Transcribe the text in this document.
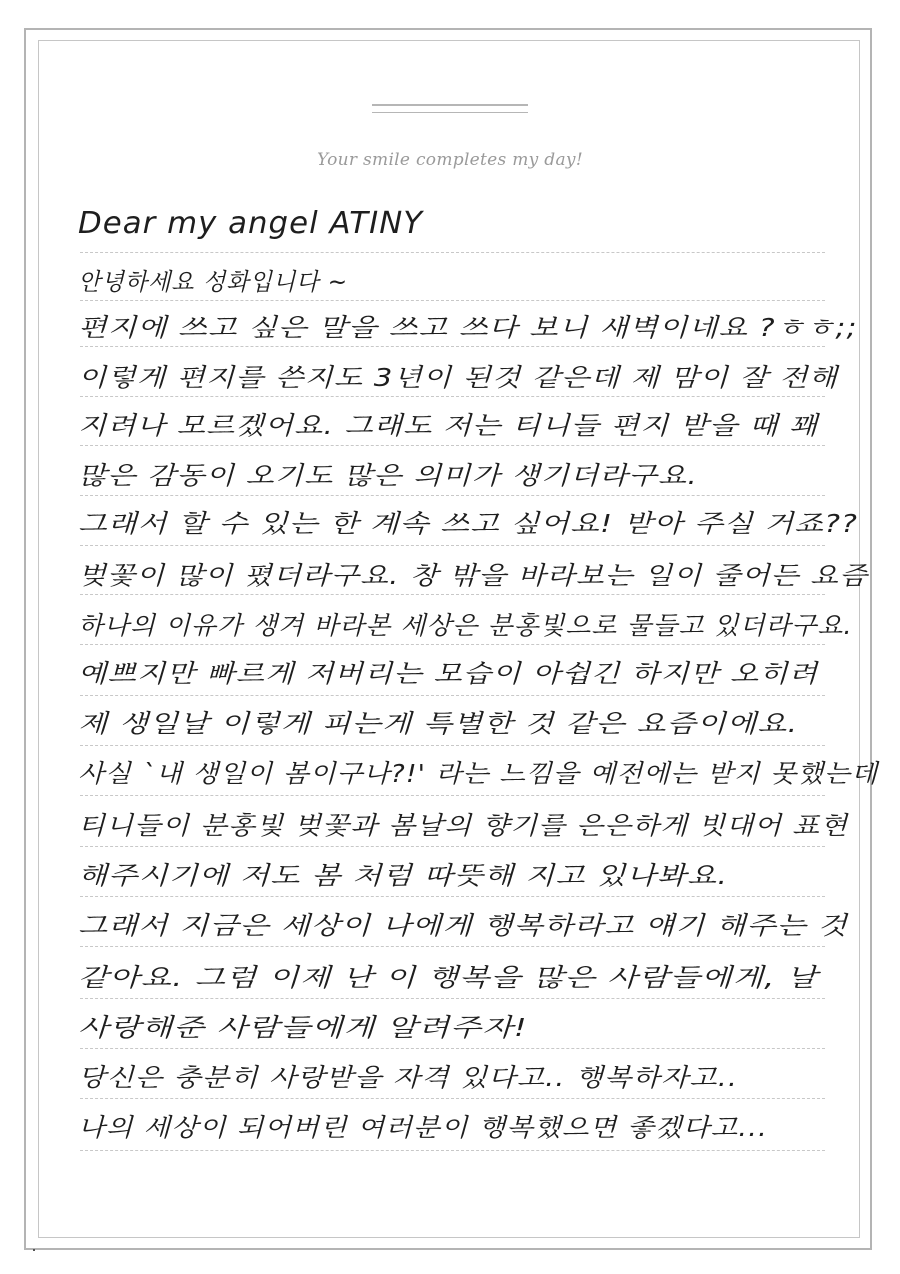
Your smile completes my day!
Dear my angel ATINY
안녕하세요 성화입니다 ~
편지에 쓰고 싶은 말을 쓰고 쓰다 보니 새벽이네요 ?ㅎㅎ;;
이렇게 편지를 쓴지도 3년이 된것 같은데 제 맘이 잘 전해
지려나 모르겠어요. 그래도 저는 티니들 편지 받을 때 꽤
많은 감동이 오기도 많은 의미가 생기더라구요.
그래서 할 수 있는 한 계속 쓰고 싶어요! 받아 주실 거죠??
벚꽃이 많이 폈더라구요. 창 밖을 바라보는 일이 줄어든 요즘
하나의 이유가 생겨 바라본 세상은 분홍빛으로 물들고 있더라구요.
예쁘지만 빠르게 저버리는 모습이 아쉽긴 하지만 오히려
제 생일날 이렇게 피는게 특별한 것 같은 요즘이에요.
사실 `내 생일이 봄이구나?!' 라는 느낌을 예전에는 받지 못했는데
티니들이 분홍빛 벚꽃과 봄날의 향기를 은은하게 빗대어 표현
해주시기에 저도 봄 처럼 따뜻해 지고 있나봐요.
그래서 지금은 세상이 나에게 행복하라고 얘기 해주는 것
같아요. 그럼 이제 난 이 행복을 많은 사람들에게, 날
사랑해준 사람들에게 알려주자!
당신은 충분히 사랑받을 자격 있다고.. 행복하자고..
나의 세상이 되어버린 여러분이 행복했으면 좋겠다고...
